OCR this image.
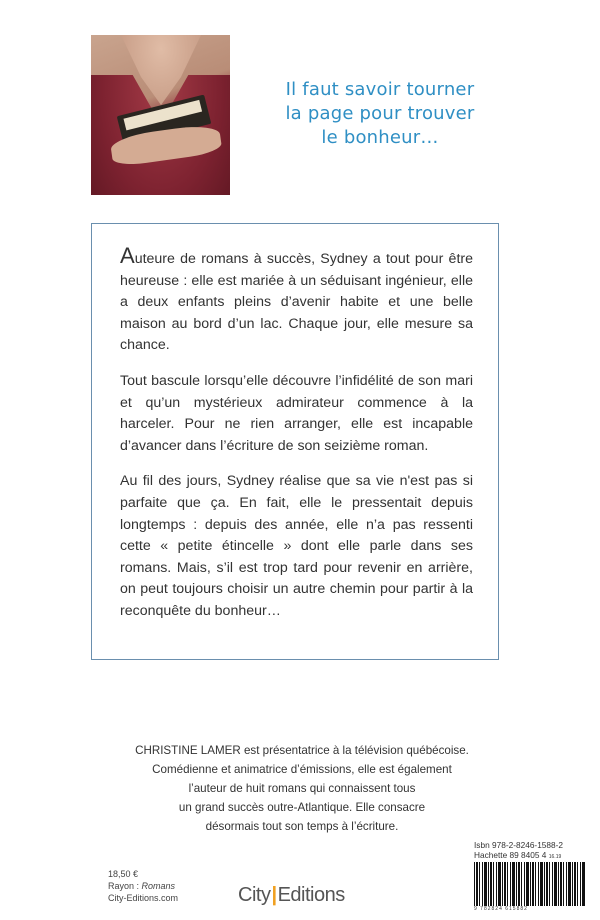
Il faut savoir tourner
la page pour trouver
le bonheur…

Auteure de romans à succès, Sydney a tout pour être heureuse : elle est mariée à un séduisant ingénieur, elle a deux enfants pleins d’avenir habite et une belle maison au bord d’un lac. Chaque jour, elle mesure sa chance.

Tout bascule lorsqu’elle découvre l’infidélité de son mari et qu’un mystérieux admirateur commence à la harceler. Pour ne rien arranger, elle est incapable d’avancer dans l’écriture de son seizième roman.

Au fil des jours, Sydney réalise que sa vie n'est pas si parfaite que ça. En fait, elle le pressentait depuis longtemps : depuis des année, elle n’a pas ressenti cette « petite étincelle » dont elle parle dans ses romans. Mais, s’il est trop tard pour revenir en arrière, on peut toujours choisir un autre chemin pour partir à la reconquête du bonheur…

CHRISTINE LAMER est présentatrice à la télévision québécoise.
Comédienne et animatrice d’émissions, elle est également
l’auteur de huit romans qui connaissent tous
un grand succès outre-Atlantique. Elle consacre
désormais tout son temps à l’écriture.
18,50 €
Rayon : Romans
City-Editions.com	City|Editions
Isbn 978-2-8246-1588-2
Hachette 89 8405 4 16.19
9 782824 615882
